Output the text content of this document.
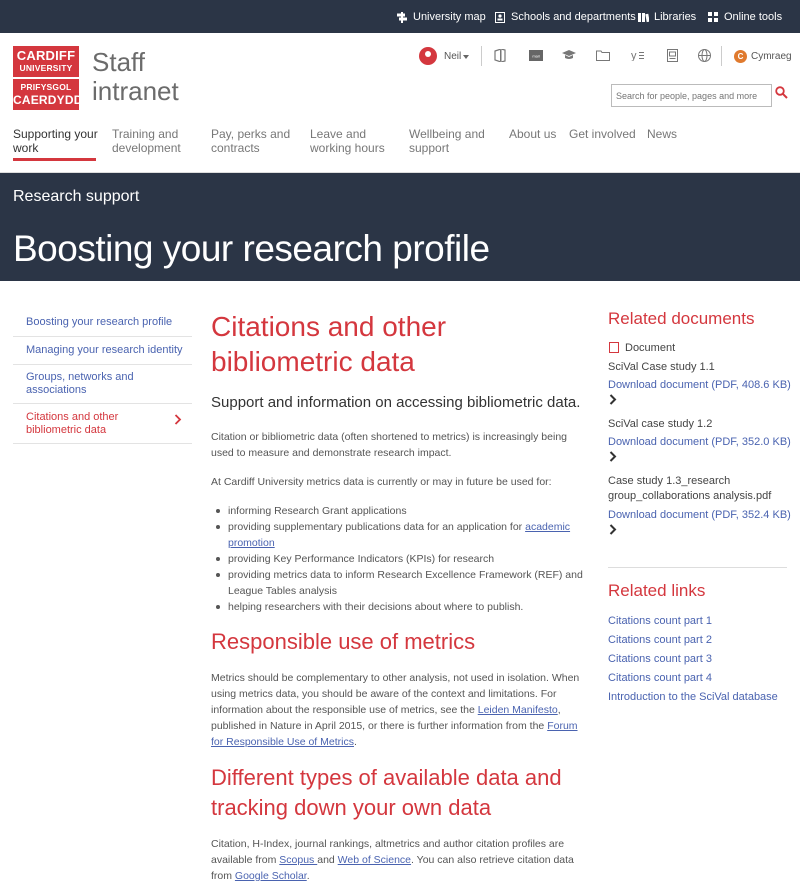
University map Schools and departments Libraries	Online tools
CARDIFF
UNIVERSITY
PRIFYSGOL
CAERDYDD
Staff
intranet
Neil	mail	y	C Cymraeg
Search for people, pages and more
Supporting your
work
Training and
development
Pay, perks and
contracts
Leave and
working hours
Wellbeing and
support
About us Get involved News
Research support
Boosting your research profile
Boosting your research profile
Managing your research identity
Groups, networks and
associations
Citations and other
bibliometric data
Citations and other
bibliometric data
Support and information on accessing bibliometric data.
Citation or bibliometric data (often shortened to metrics) is increasingly being
used to measure and demonstrate research impact.
At Cardiff University metrics data is currently or may in future be used for:
informing Research Grant applications
providing supplementary publications data for an application for academic
promotion
providing Key Performance Indicators (KPIs) for research
providing metrics data to inform Research Excellence Framework (REF) and
League Tables analysis
helping researchers with their decisions about where to publish.
Responsible use of metrics
Metrics should be complementary to other analysis, not used in isolation. When
using metrics data, you should be aware of the context and limitations. For
information about the responsible use of metrics, see the Leiden Manifesto,
published in Nature in April 2015, or there is further information from the Forum
for Responsible Use of Metrics.
Different types of available data and
tracking down your own data
Citation, H-Index, journal rankings, altmetrics and author citation profiles are
available from Scopus and Web of Science. You can also retrieve citation data
from Google Scholar.
Related documents
Document
SciVal Case study 1.1
Download document (PDF, 408.6 KB)
SciVal case study 1.2
Download document (PDF, 352.0 KB)
Case study 1.3_research
group_collaborations analysis.pdf
Download document (PDF, 352.4 KB)
Related links
Citations count part 1
Citations count part 2
Citations count part 3
Citations count part 4
Introduction to the SciVal database
